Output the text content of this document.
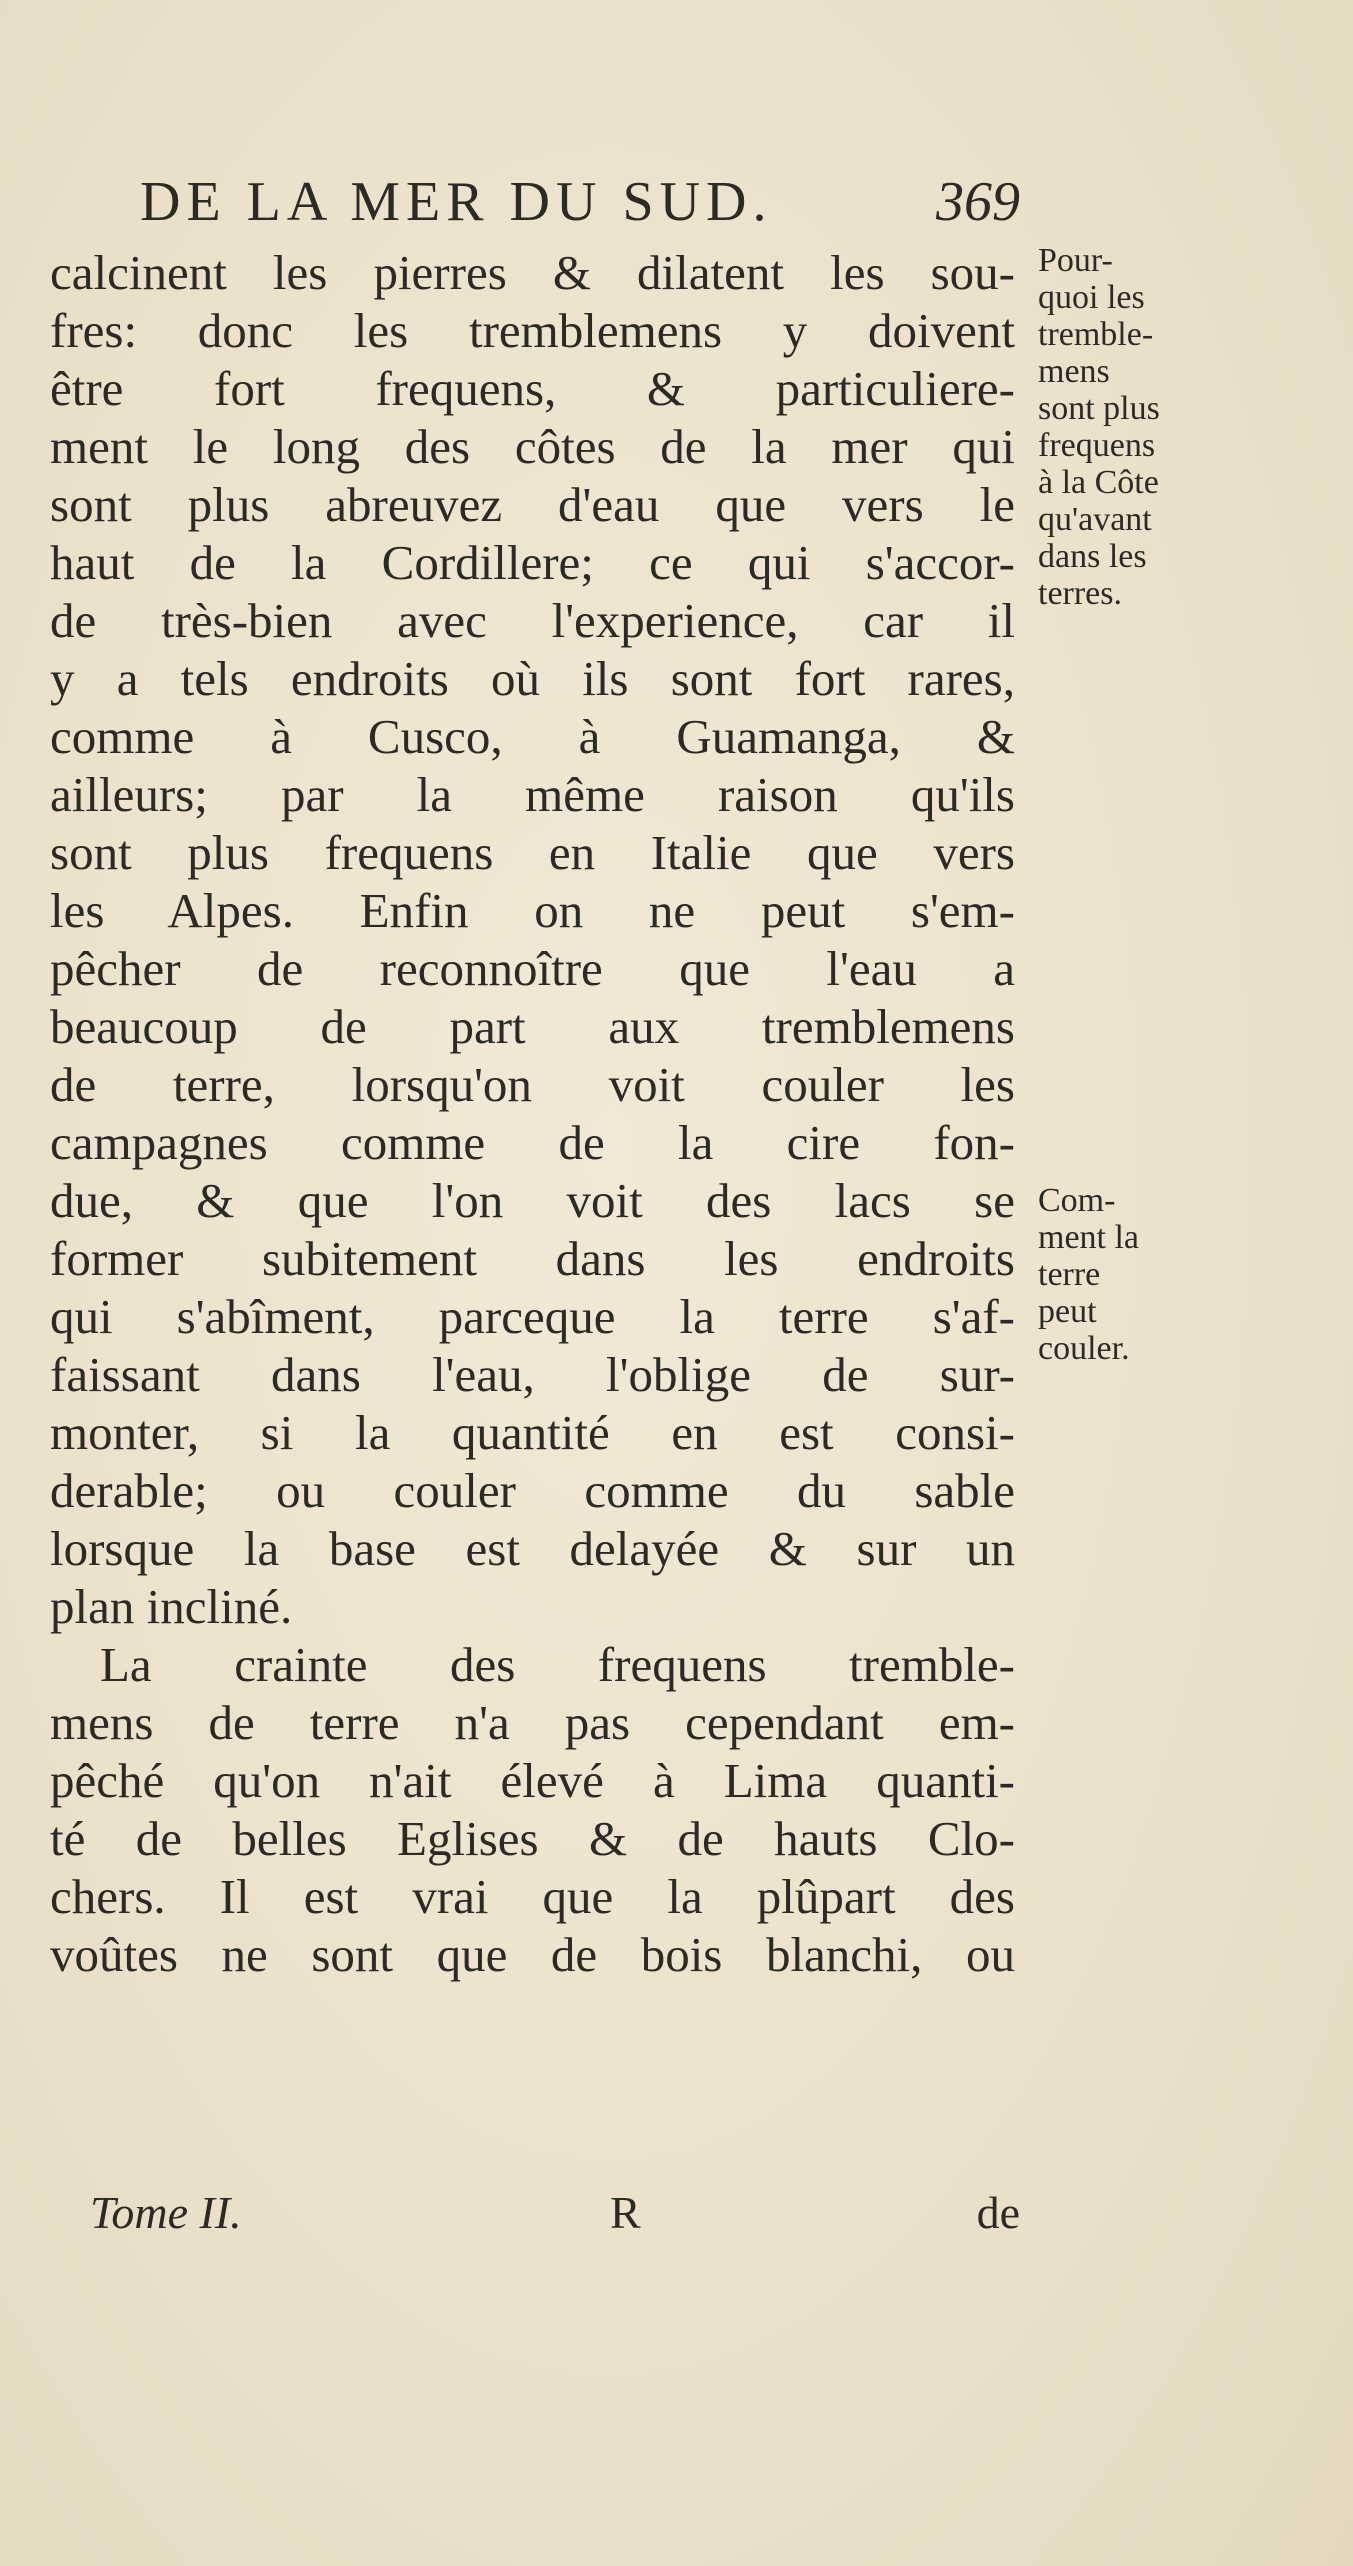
DE LA MER DU SUD.	369
calcinent les pierres & dilatent les sou-
fres: donc les tremblemens y doivent
être fort frequens, & particuliere-
ment le long des côtes de la mer qui
sont plus abreuvez d'eau que vers le
haut de la Cordillere; ce qui s'accor-
de très-bien avec l'experience, car il
y a tels endroits où ils sont fort rares,
comme à Cusco, à Guamanga, &
ailleurs; par la même raison qu'ils
sont plus frequens en Italie que vers
les Alpes. Enfin on ne peut s'em-
pêcher de reconnoître que l'eau a
beaucoup de part aux tremblemens
de terre, lorsqu'on voit couler les
campagnes comme de la cire fon-
due, & que l'on voit des lacs se
former subitement dans les endroits
qui s'abîment, parceque la terre s'af-
faissant dans l'eau, l'oblige de sur-
monter, si la quantité en est consi-
derable; ou couler comme du sable
lorsque la base est delayée & sur un
plan incliné.
La crainte des frequens tremble-
mens de terre n'a pas cependant em-
pêché qu'on n'ait élevé à Lima quanti-
té de belles Eglises & de hauts Clo-
chers. Il est vrai que la plûpart des
voûtes ne sont que de bois blanchi, ou
Pour-
quoi les
tremble-
mens
sont plus
frequens
à la Côte
qu'avant
dans les
terres.
Com-
ment la
terre
peut
couler.
Tome II.	R	de
